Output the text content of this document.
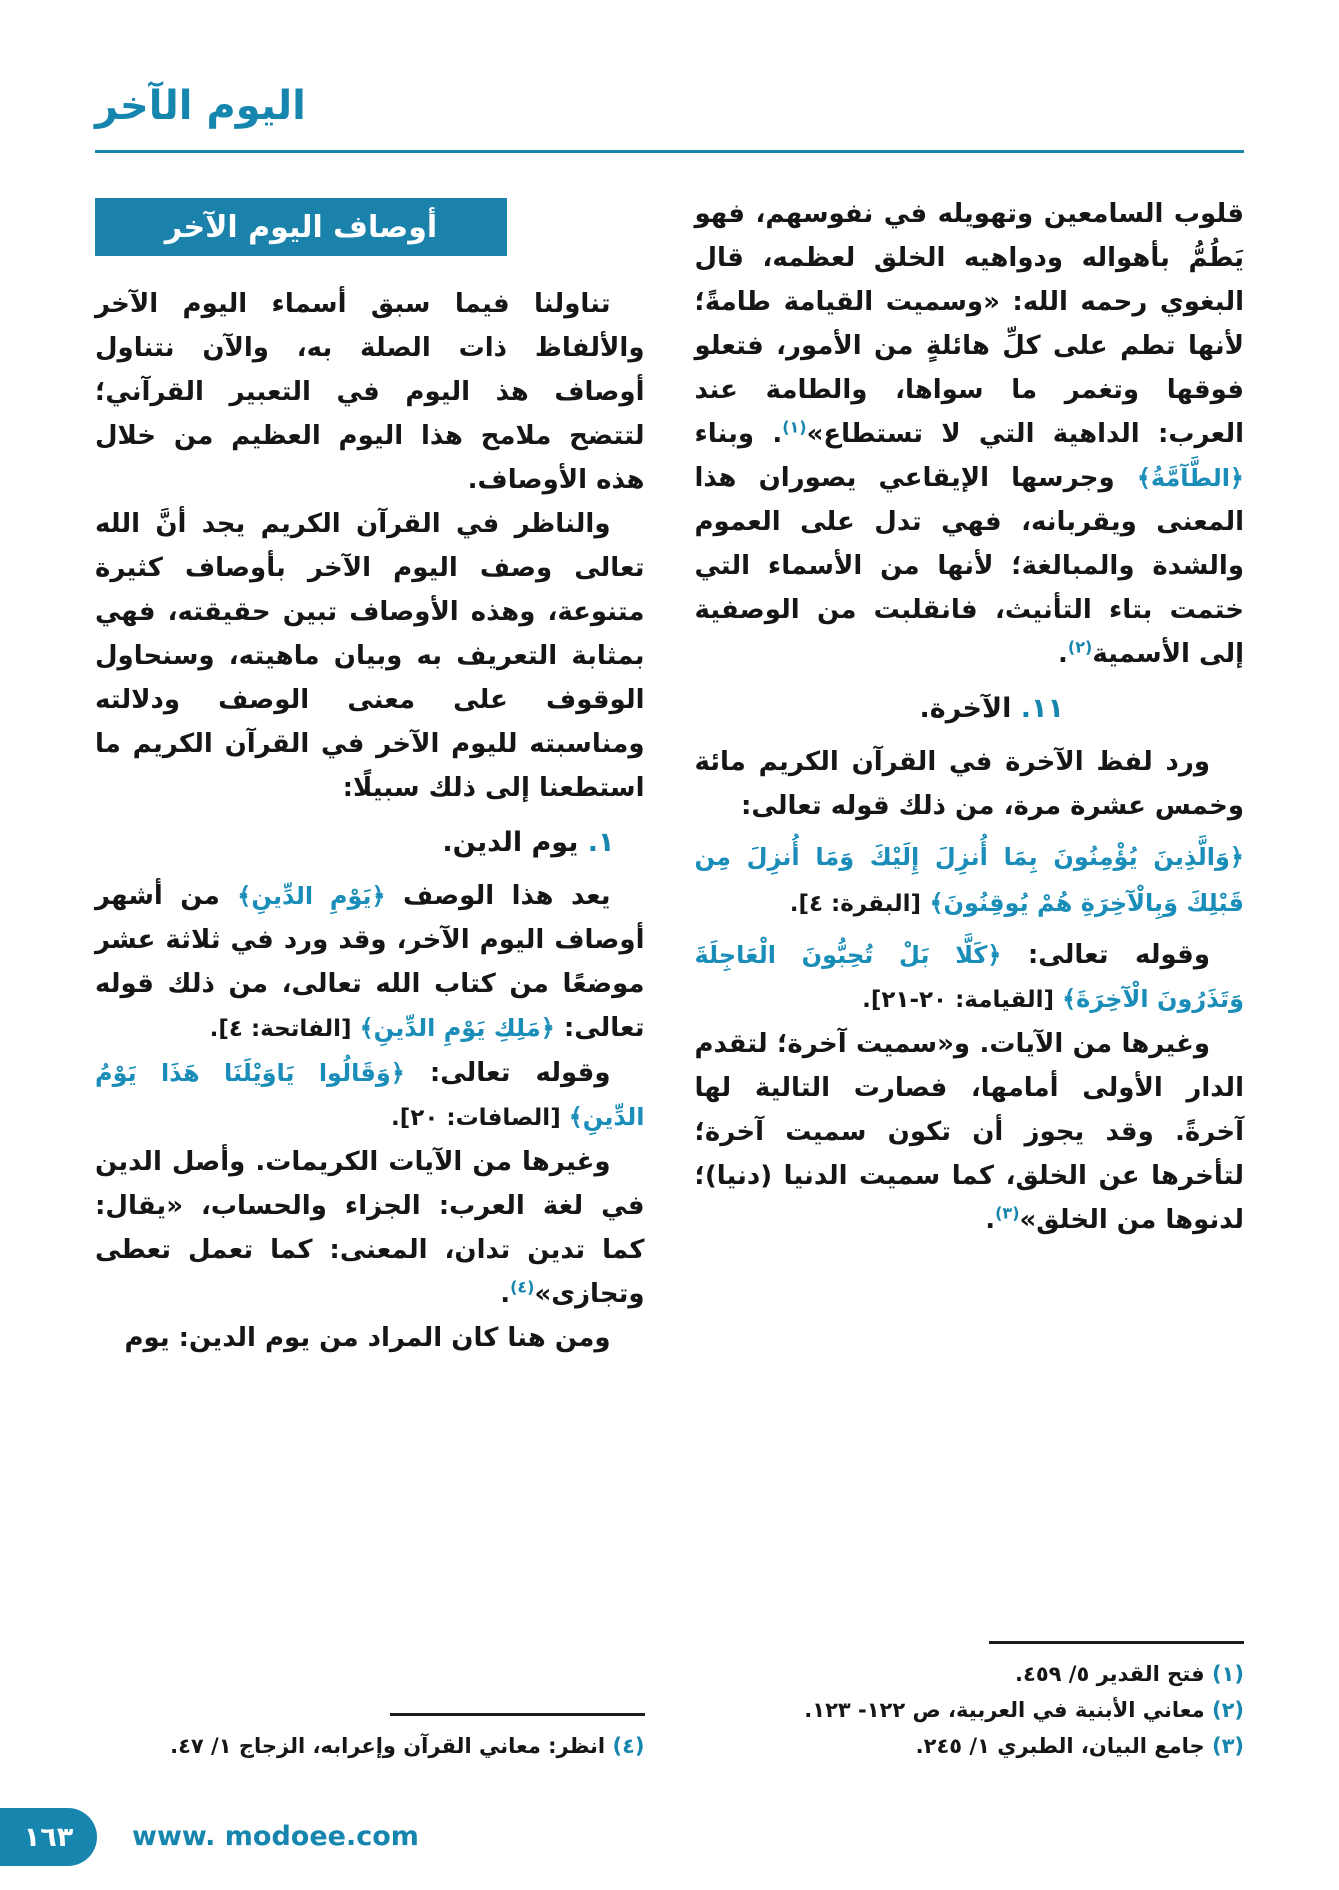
اليوم الآخر

قلوب السامعين وتهويله في نفوسهم، فهو يَطُمُّ بأهواله ودواهيه الخلق لعظمه، قال البغوي رحمه الله: «وسميت القيامة طامةً؛ لأنها تطم على كلِّ هائلةٍ من الأمور، فتعلو فوقها وتغمر ما سواها، والطامة عند العرب: الداهية التي لا تستطاع»$^{(١)}$. وبناء ﴿الطَّآمَّةُ﴾ وجرسها الإيقاعي يصوران هذا المعنى ويقربانه، فهي تدل على العموم والشدة والمبالغة؛ لأنها من الأسماء التي ختمت بتاء التأنيث، فانقلبت من الوصفية إلى الأسمية$^{(٢)}$.

١١. الآخرة.

ورد لفظ الآخرة في القرآن الكريم مائة وخمس عشرة مرة، من ذلك قوله تعالى:

﴿وَالَّذِينَ يُؤْمِنُونَ بِمَا أُنزِلَ إِلَيْكَ وَمَا أُنزِلَ مِن قَبْلِكَ وَبِالْآخِرَةِ هُمْ يُوقِنُونَ﴾ [البقرة: ٤].

وقوله تعالى: ﴿كَلَّا بَلْ تُحِبُّونَ الْعَاجِلَةَ وَتَذَرُونَ الْآخِرَةَ﴾ [القيامة: ٢٠-٢١].

وغيرها من الآيات. و«سميت آخرة؛ لتقدم الدار الأولى أمامها، فصارت التالية لها آخرةً. وقد يجوز أن تكون سميت آخرة؛ لتأخرها عن الخلق، كما سميت الدنيا (دنيا)؛ لدنوها من الخلق»$^{(٣)}$.

(١) فتح القدير ٥/ ٤٥٩.
(٢) معاني الأبنية في العربية، ص ١٢٢- ١٢٣.
(٣) جامع البيان، الطبري ١/ ٢٤٥.
أوصاف اليوم الآخر

تناولنا فيما سبق أسماء اليوم الآخر والألفاظ ذات الصلة به، والآن نتناول أوصاف هذ اليوم في التعبير القرآني؛ لتتضح ملامح هذا اليوم العظيم من خلال هذه الأوصاف.

والناظر في القرآن الكريم يجد أنَّ الله تعالى وصف اليوم الآخر بأوصاف كثيرة متنوعة، وهذه الأوصاف تبين حقيقته، فهي بمثابة التعريف به وبيان ماهيته، وسنحاول الوقوف على معنى الوصف ودلالته ومناسبته لليوم الآخر في القرآن الكريم ما استطعنا إلى ذلك سبيلًا:

١. يوم الدين.

يعد هذا الوصف ﴿يَوْمِ الدِّينِ﴾ من أشهر أوصاف اليوم الآخر، وقد ورد في ثلاثة عشر موضعًا من كتاب الله تعالى، من ذلك قوله تعالى: ﴿مَلِكِ يَوْمِ الدِّينِ﴾ [الفاتحة: ٤].

وقوله تعالى: ﴿وَقَالُوا يَاوَيْلَنَا هَذَا يَوْمُ الدِّينِ﴾ [الصافات: ٢٠].

وغيرها من الآيات الكريمات. وأصل الدين في لغة العرب: الجزاء والحساب، «يقال: كما تدين تدان، المعنى: كما تعمل تعطى وتجازى»$^{(٤)}$.

ومن هنا كان المراد من يوم الدين: يوم

(٤) انظر: معاني القرآن وإعرابه، الزجاج ١/ ٤٧.
١٦٣ www. modoee.com
